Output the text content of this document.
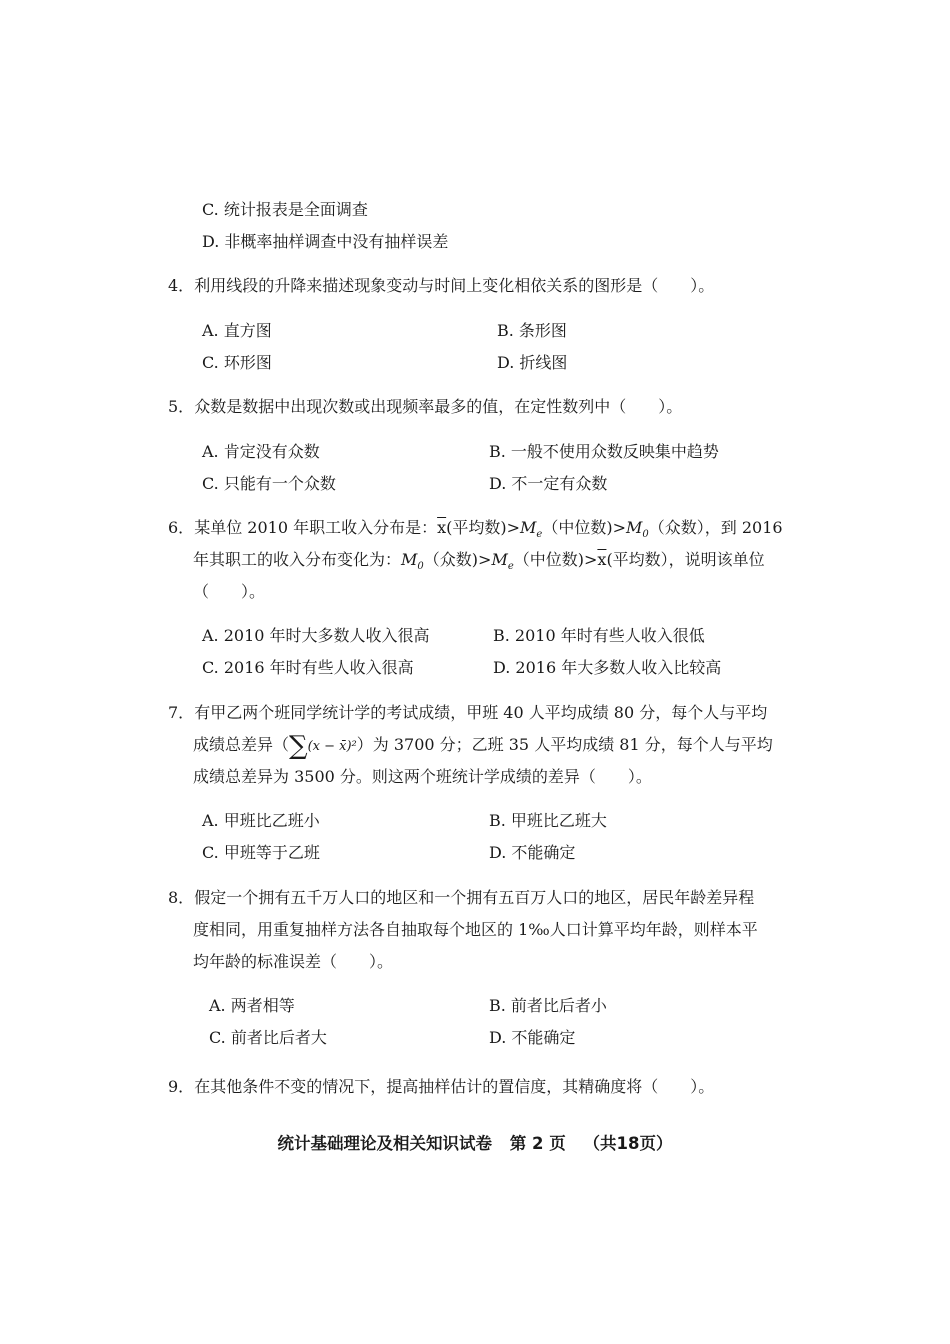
C. 统计报表是全面调查
D. 非概率抽样调查中没有抽样误差
4．利用线段的升降来描述现象变动与时间上变化相依关系的图形是（　　）。
A. 直方图	B. 条形图
C. 环形图	D. 折线图
5．众数是数据中出现次数或出现频率最多的值，在定性数列中（　　）。
A. 肯定没有众数	B. 一般不使用众数反映集中趋势
C. 只能有一个众数	D. 不一定有众数
6．某单位 2010 年职工收入分布是：$\overline{x}$(平均数)$>M_e$（中位数)$>M_0$（众数），到 2016
年其职工的收入分布变化为：$M_0$（众数)$>M_e$（中位数)$>\overline{x}$(平均数），说明该单位
（　　）。
A. 2010 年时大多数人收入很高	B. 2010 年时有些人收入很低
C. 2016 年时有些人收入很高	D. 2016 年大多数人收入比较高
7．有甲乙两个班同学统计学的考试成绩，甲班 40 人平均成绩 80 分，每个人与平均
成绩总差异（∑(x − x̄)²）为 3700 分；乙班 35 人平均成绩 81 分，每个人与平均
成绩总差异为 3500 分。则这两个班统计学成绩的差异（　　）。
A. 甲班比乙班小	B. 甲班比乙班大
C. 甲班等于乙班	D. 不能确定
8．假定一个拥有五千万人口的地区和一个拥有五百万人口的地区，居民年龄差异程
度相同，用重复抽样方法各自抽取每个地区的 1‰人口计算平均年龄，则样本平
均年龄的标准误差（　　）。
A. 两者相等	B. 前者比后者小
C. 前者比后者大	D. 不能确定
9．在其他条件不变的情况下，提高抽样估计的置信度，其精确度将（　　）。
统计基础理论及相关知识试卷 第 2 页 （共18页）
